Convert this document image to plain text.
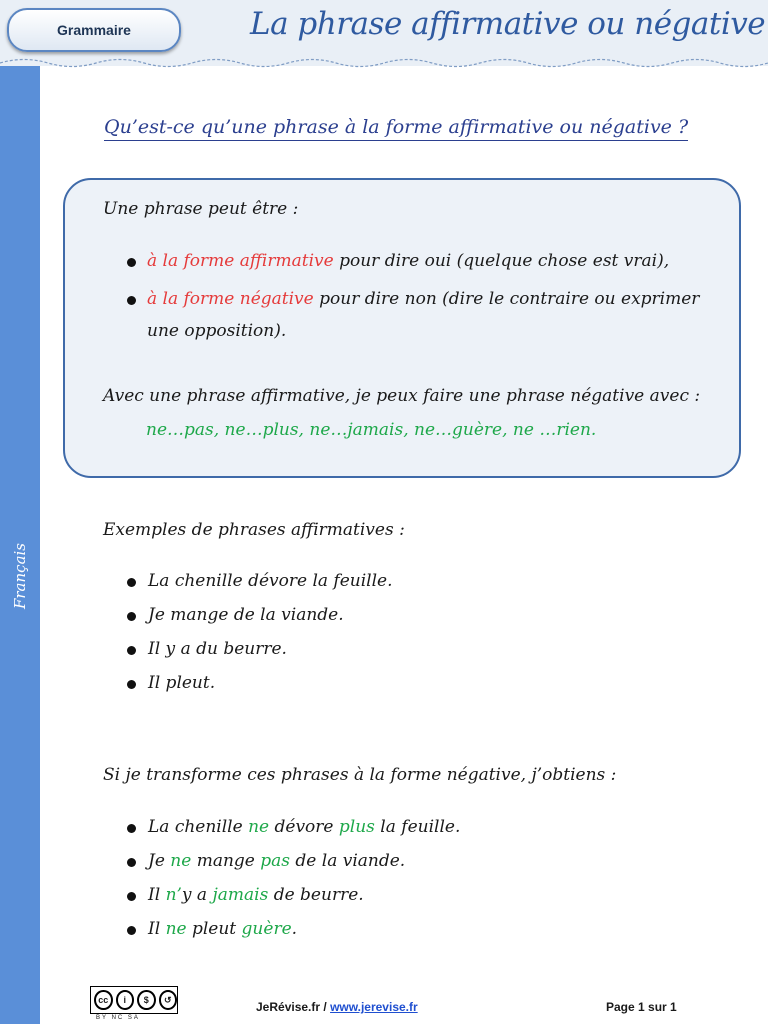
Grammaire	La phrase affirmative ou négative
Français
Qu’est-ce qu’une phrase à la forme affirmative ou négative ?
Une phrase peut être :
à la forme affirmative pour dire oui (quelque chose est vrai),
à la forme négative pour dire non (dire le contraire ou exprimer
une opposition).
Avec une phrase affirmative, je peux faire une phrase négative avec :
ne…pas, ne…plus, ne…jamais, ne…guère, ne …rien.
Exemples de phrases affirmatives :
La chenille dévore la feuille.
Je mange de la viande.
Il y a du beurre.
Il pleut.
Si je transforme ces phrases à la forme négative, j’obtiens :
La chenille ne dévore plus la feuille.
Je ne mange pas de la viande.
Il n’y a jamais de beurre.
Il ne pleut guère.
cc	i	$	↺
BY NC SA
JeRévise.fr / www.jerevise.fr	Page 1 sur 1
